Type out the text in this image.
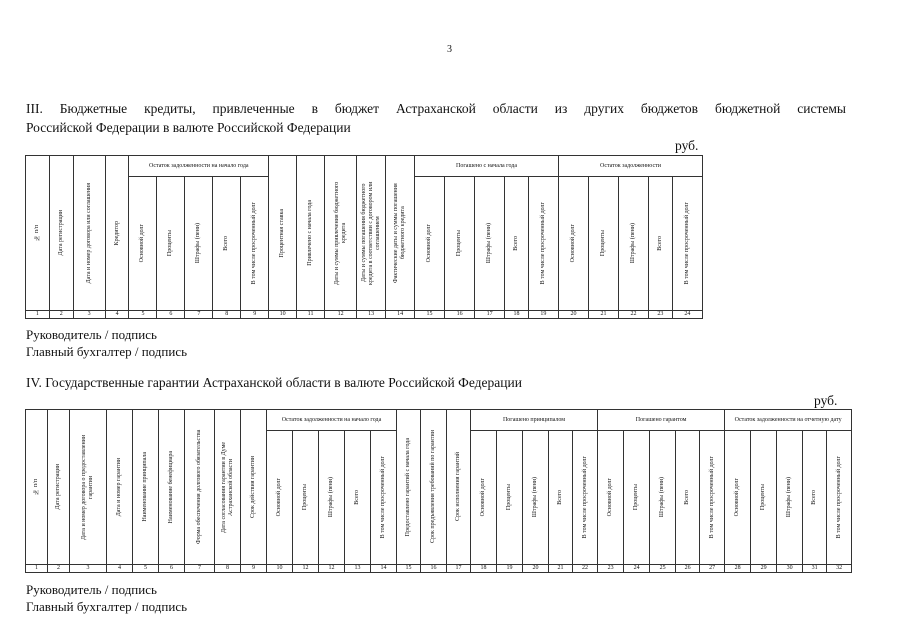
3
III. Бюджетные кредиты, привлеченные в бюджет Астраханской области из других бюджетов бюджетной системы
Российской Федерации в валюте Российской Федерации
руб.
№ п/п	Дата регистрации	Дата и номер договора или соглашения	Кредитор	Остаток задолженности на начало года					Процентная ставка	Привлечено с начала года	Даты и суммы привлечения бюджетного кредита	Даты и суммы погашения бюджетного кредита в соответствии с договором или соглашением	Фактические даты и суммы погашения бюджетного кредита	Погашено с начала года					Остаток задолженности				

				Основной долг	Проценты	Штрафы (пени)	Всего	В том числе просроченный долг						Основной долг	Проценты	Штрафы (пени)	Всего	В том числе просроченный долг	Основной долг	Проценты	Штрафы (пени)	Всего	В том числе просроченный долг

1	2	3	4	5	6	7	8	9	10	11	12	13	14	15	16	17	18	19	20	21	22	23	24
Руководитель / подпись
Главный бухгалтер / подпись
IV. Государственные гарантии Астраханской области в валюте Российской Федерации
руб.
№ п/п	Дата регистрации	Дата и номер договора о предоставлении гарантии	Дата и номер гарантии	Наименование принципала	Наименование бенефициара	Форма обеспечения долгового обязательства	Дата согласования гарантии в Думе Астраханской области	Срок действия гарантии	Остаток задолженности на начало года					Предоставлено гарантий с начала года	Срок предъявления требований по гарантии	Срок исполнения гарантий	Погашено принципалом					Погашено гарантом					Остаток задолженности на отчетную дату				

									Основной долг	Проценты	Штрафы (пени)	Всего	В том числе просроченный долг				Основной долг	Проценты	Штрафы (пени)	Всего	В том числе просроченный долг	Основной долг	Проценты	Штрафы (пени)	Всего	В том числе просроченный долг	Основной долг	Проценты	Штрафы (пени)	Всего	В том числе просроченный долг

1	2	3	4	5	6	7	8	9	10	12	12	13	14	15	16	17	18	19	20	21	22	23	24	25	26	27	28	29	30	31	32
Руководитель / подпись
Главный бухгалтер / подпись
